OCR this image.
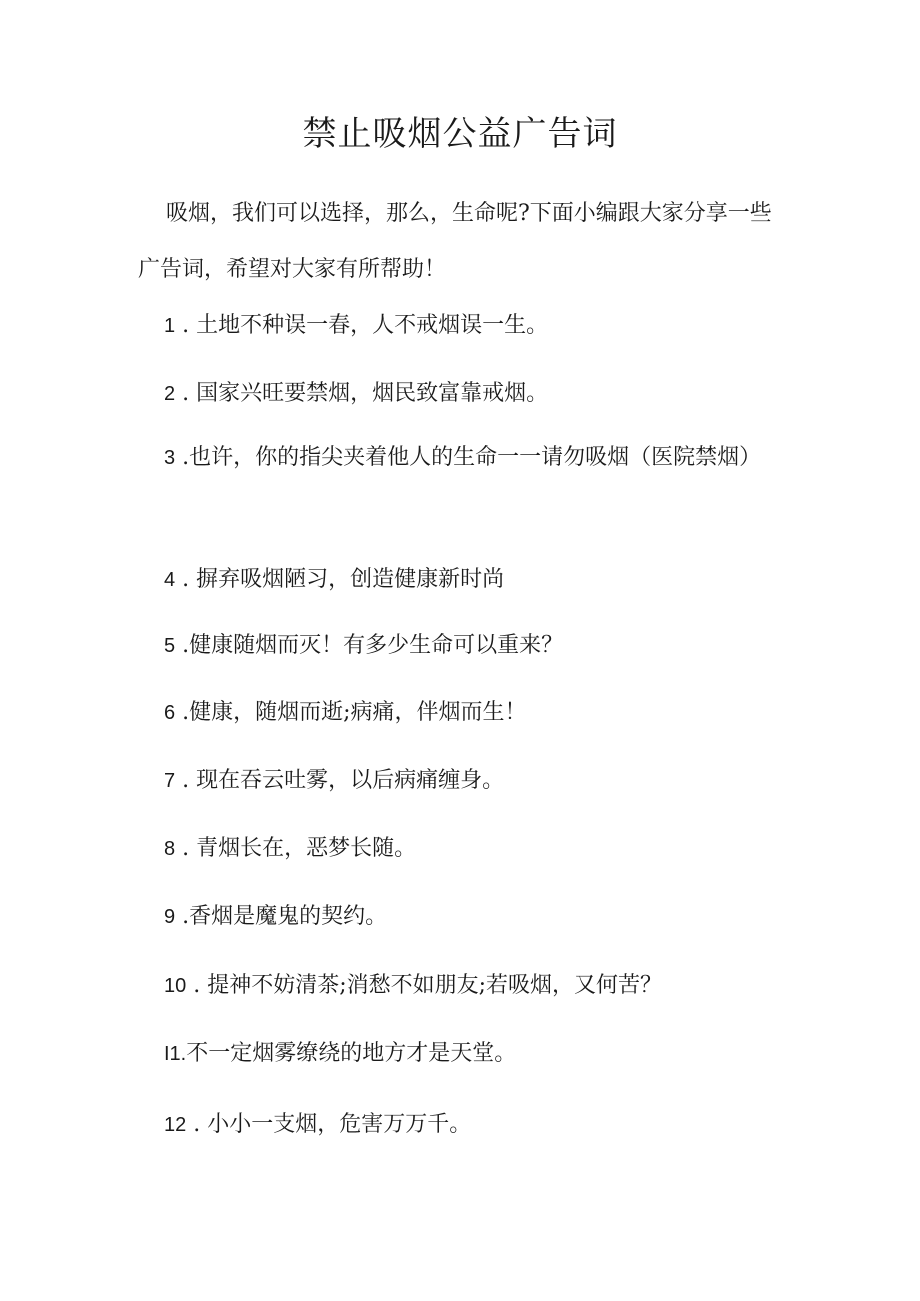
禁止吸烟公益广告词

吸烟，我们可以选择，那么，生命呢?下面小编跟大家分享一些广告词，希望对大家有所帮助！

1 . 土地不种误一春，人不戒烟误一生。

2 . 国家兴旺要禁烟，烟民致富靠戒烟。

3 .也许，你的指尖夹着他人的生命一一请勿吸烟（医院禁烟）

4 . 摒弃吸烟陋习，创造健康新时尚

5 .健康随烟而灭！有多少生命可以重来？

6 .健康，随烟而逝;病痛，伴烟而生！

7 . 现在吞云吐雾，以后病痛缠身。

8 . 青烟长在，恶梦长随。

9 .香烟是魔鬼的契约。

10 . 提神不妨清茶;消愁不如朋友;若吸烟，又何苦？

I1.不一定烟雾缭绕的地方才是天堂。

12 . 小小一支烟，危害万万千。
